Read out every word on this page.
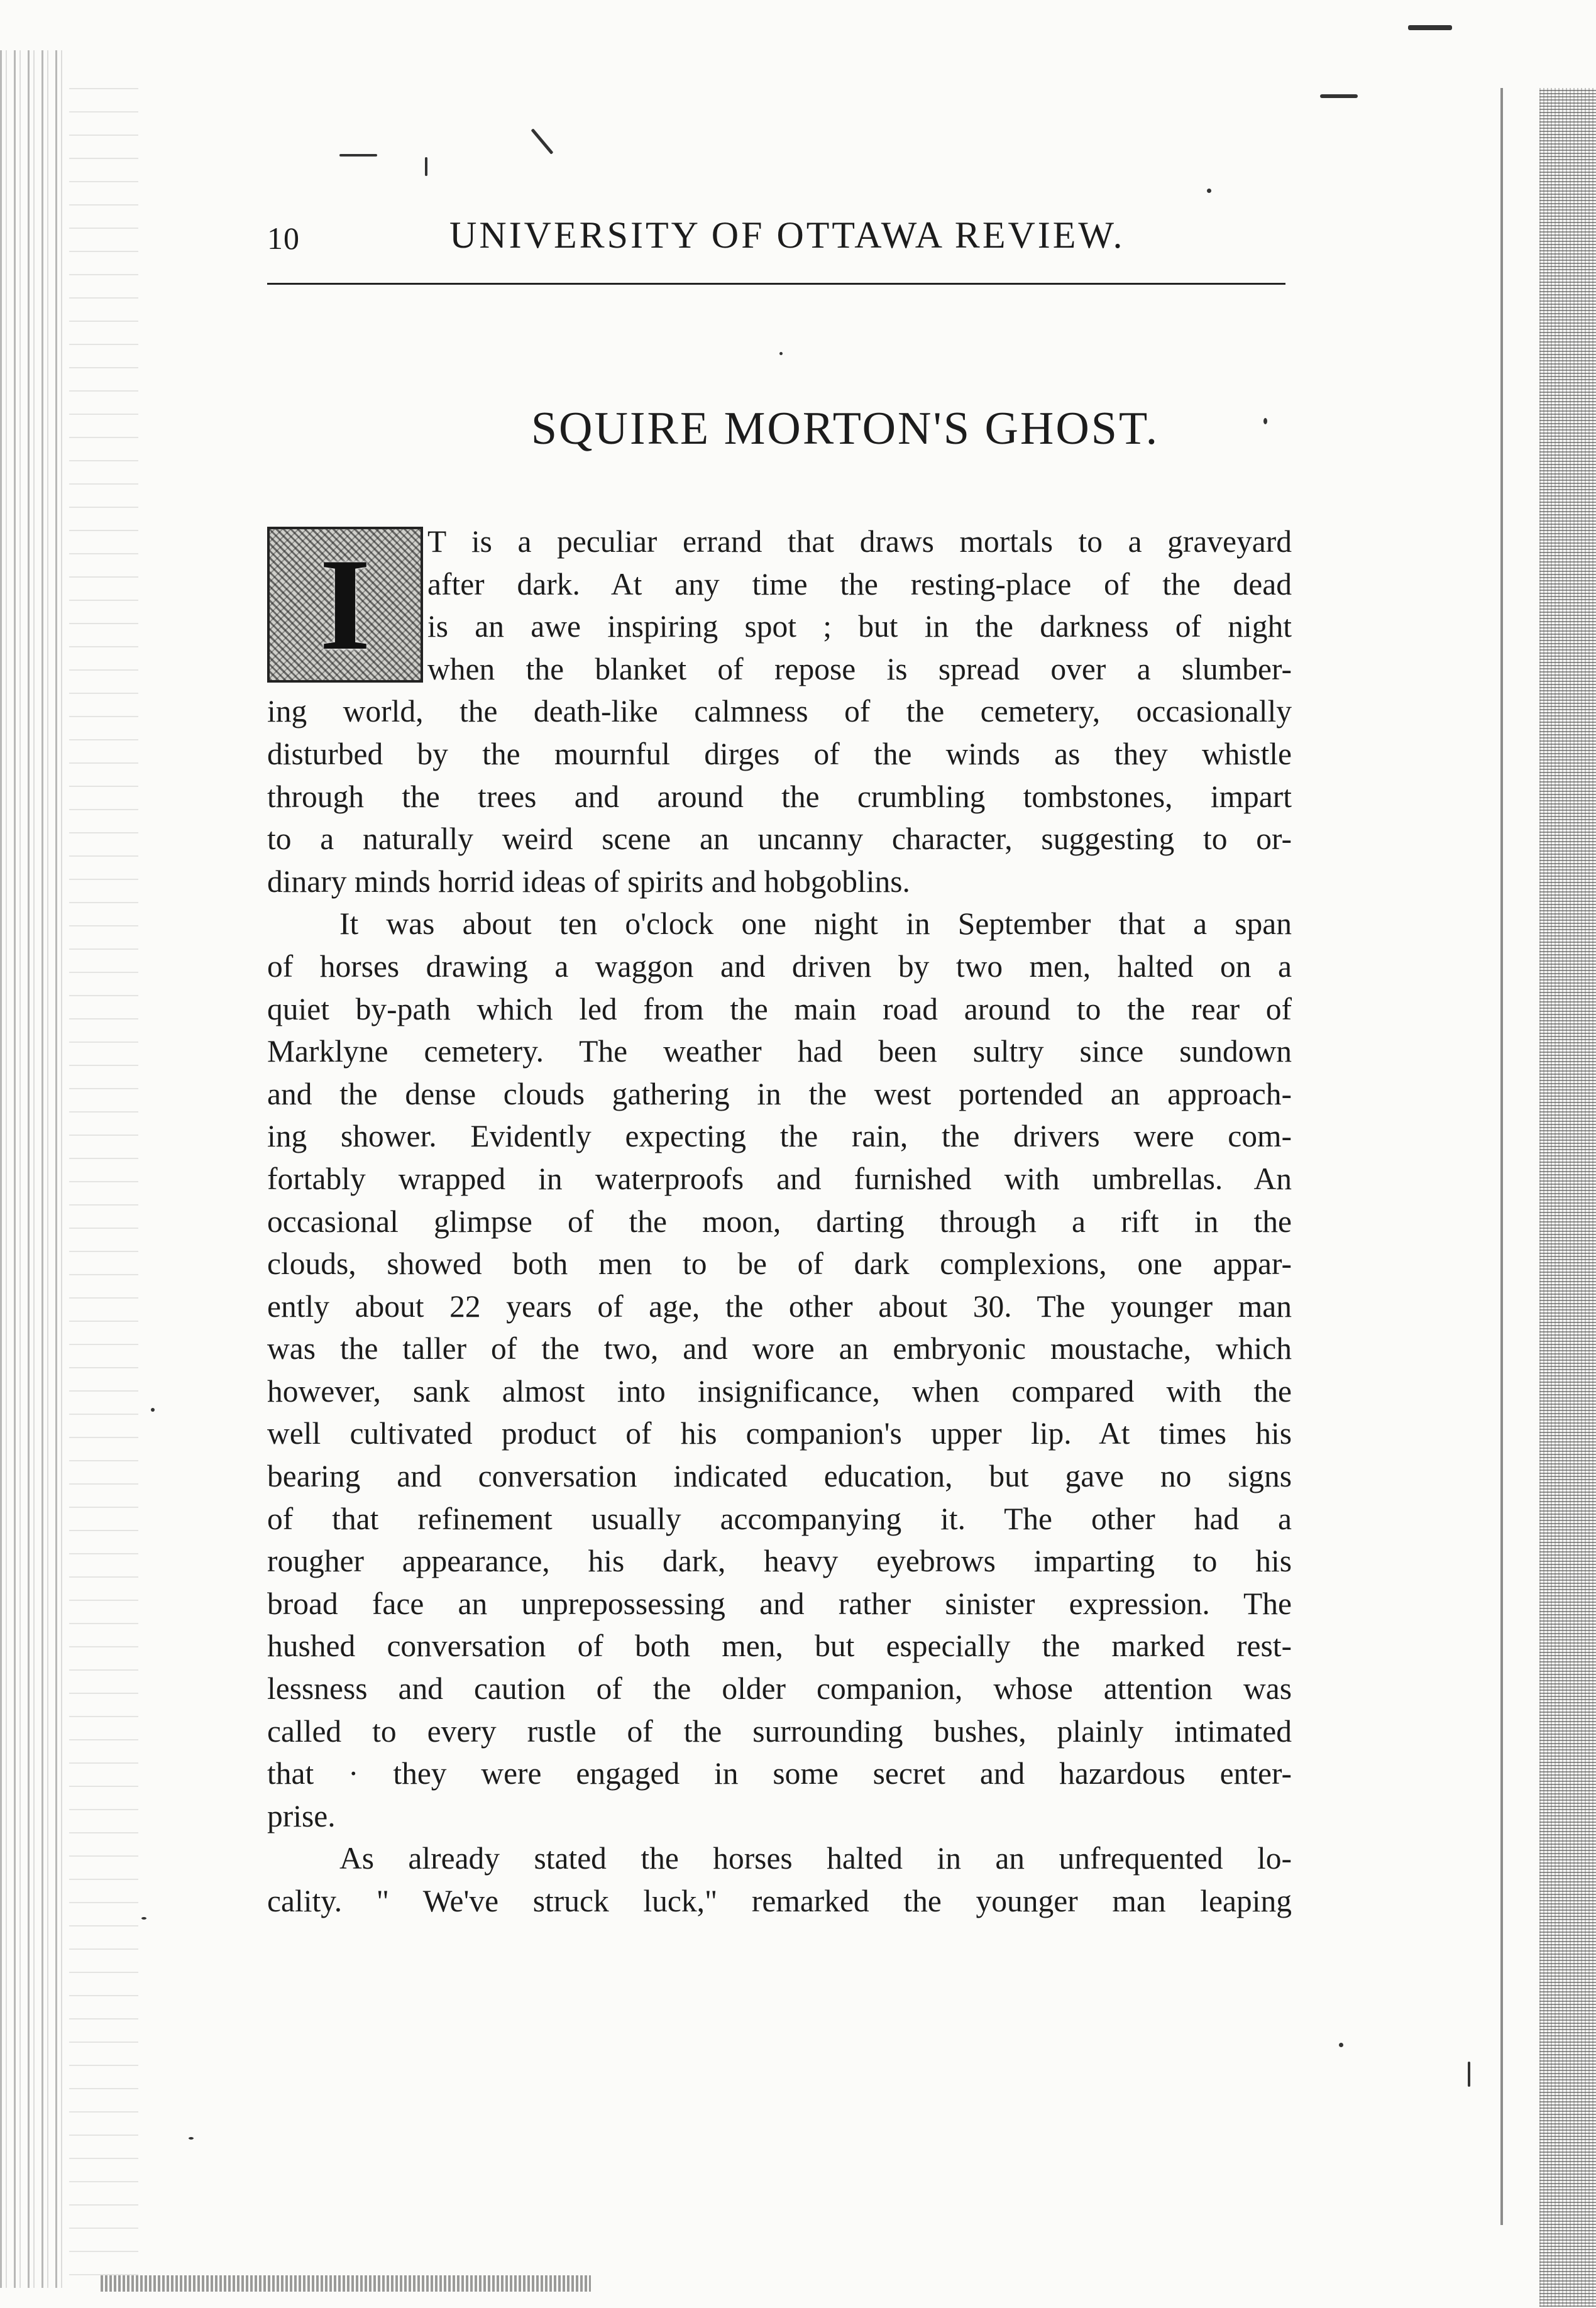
10	UNIVERSITY OF OTTAWA REVIEW.
SQUIRE MORTON'S GHOST.
I	T is a peculiar errand that draws mortals to a graveyard
after dark. At any time the resting-place of the dead
is an awe inspiring spot ; but in the darkness of night
when the blanket of repose is spread over a slumber-
ing world, the death-like calmness of the cemetery, occasionally
disturbed by the mournful dirges of the winds as they whistle
through the trees and around the crumbling tombstones, impart
to a naturally weird scene an uncanny character, suggesting to or-
dinary minds horrid ideas of spirits and hobgoblins.
It was about ten o'clock one night in September that a span
of horses drawing a waggon and driven by two men, halted on a
quiet by-path which led from the main road around to the rear of
Marklyne cemetery. The weather had been sultry since sundown
and the dense clouds gathering in the west portended an approach-
ing shower. Evidently expecting the rain, the drivers were com-
fortably wrapped in waterproofs and furnished with umbrellas. An
occasional glimpse of the moon, darting through a rift in the
clouds, showed both men to be of dark complexions, one appar-
ently about 22 years of age, the other about 30. The younger man
was the taller of the two, and wore an embryonic moustache, which
however, sank almost into insignificance, when compared with the
well cultivated product of his companion's upper lip. At times his
bearing and conversation indicated education, but gave no signs
of that refinement usually accompanying it. The other had a
rougher appearance, his dark, heavy eyebrows imparting to his
broad face an unprepossessing and rather sinister expression. The
hushed conversation of both men, but especially the marked rest-
lessness and caution of the older companion, whose attention was
called to every rustle of the surrounding bushes, plainly intimated
that · they were engaged in some secret and hazardous enter-
prise.
As already stated the horses halted in an unfrequented lo-
cality. " We've struck luck," remarked the younger man leaping
